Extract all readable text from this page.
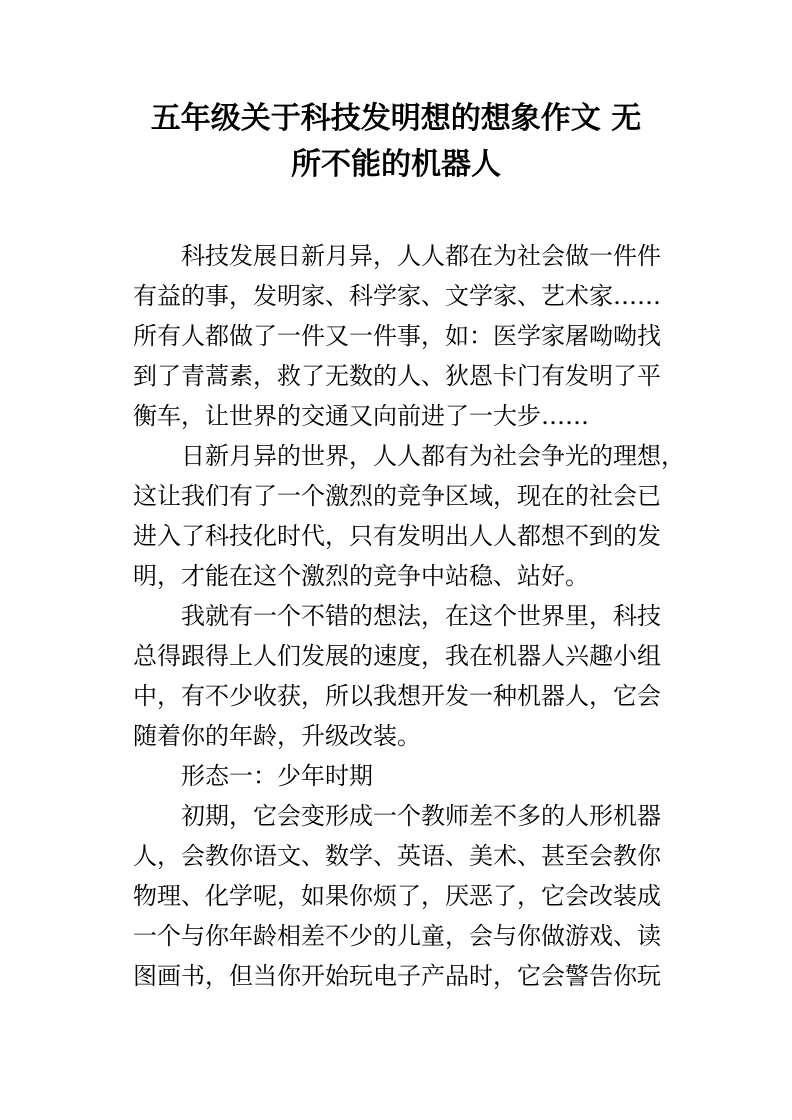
五年级关于科技发明想的想象作文 无
所不能的机器人
科技发展日新月异，人人都在为社会做一件件
有益的事，发明家、科学家、文学家、艺术家……
所有人都做了一件又一件事，如：医学家屠呦呦找
到了青蒿素，救了无数的人、狄恩卡门有发明了平
衡车，让世界的交通又向前进了一大步……
日新月异的世界，人人都有为社会争光的理想，
这让我们有了一个激烈的竞争区域，现在的社会已
进入了科技化时代，只有发明出人人都想不到的发
明，才能在这个激烈的竞争中站稳、站好。
我就有一个不错的想法，在这个世界里，科技
总得跟得上人们发展的速度，我在机器人兴趣小组
中，有不少收获，所以我想开发一种机器人，它会
随着你的年龄，升级改装。
形态一：少年时期
初期，它会变形成一个教师差不多的人形机器
人，会教你语文、数学、英语、美术、甚至会教你
物理、化学呢，如果你烦了，厌恶了，它会改装成
一个与你年龄相差不少的儿童，会与你做游戏、读
图画书，但当你开始玩电子产品时，它会警告你玩
